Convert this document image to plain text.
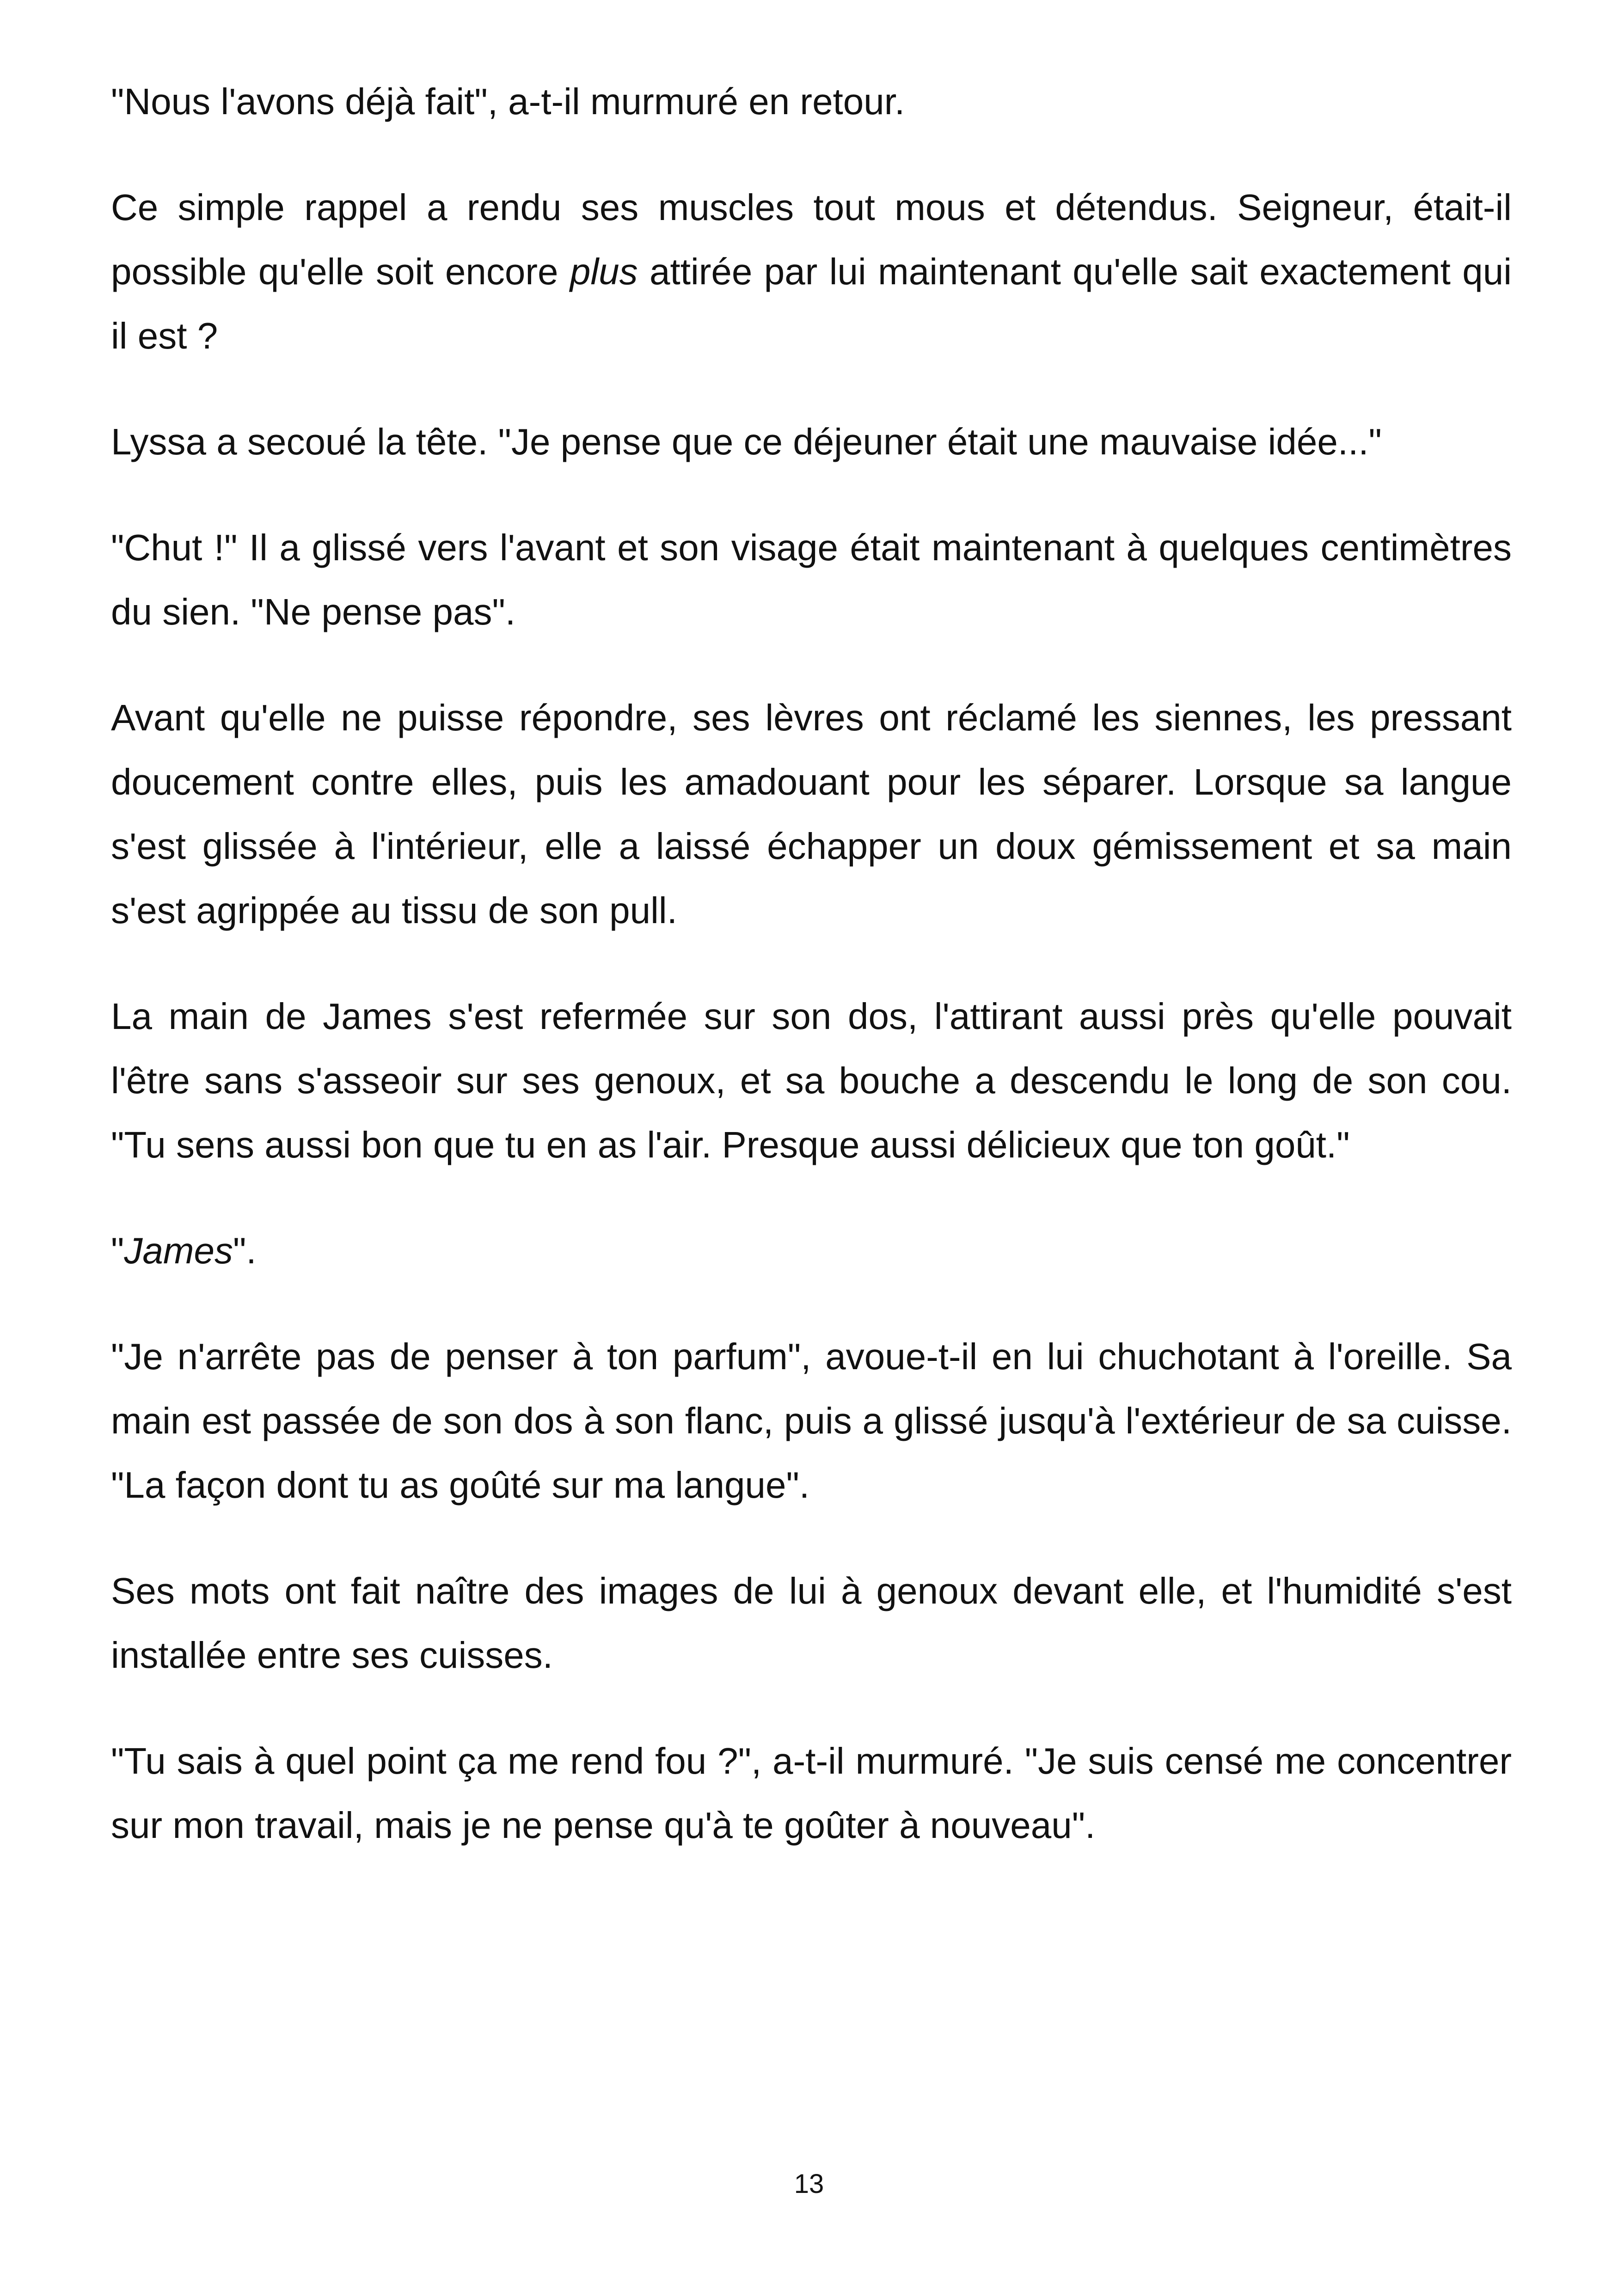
"Nous l'avons déjà fait", a-t-il murmuré en retour.

Ce simple rappel a rendu ses muscles tout mous et détendus. Seigneur, était-il possible qu'elle soit encore plus attirée par lui maintenant qu'elle sait exactement qui il est ?

Lyssa a secoué la tête. "Je pense que ce déjeuner était une mauvaise idée..."

"Chut !" Il a glissé vers l'avant et son visage était maintenant à quelques centimètres du sien. "Ne pense pas".

Avant qu'elle ne puisse répondre, ses lèvres ont réclamé les siennes, les pressant doucement contre elles, puis les amadouant pour les séparer. Lorsque sa langue s'est glissée à l'intérieur, elle a laissé échapper un doux gémissement et sa main s'est agrippée au tissu de son pull.

La main de James s'est refermée sur son dos, l'attirant aussi près qu'elle pouvait l'être sans s'asseoir sur ses genoux, et sa bouche a descendu le long de son cou. "Tu sens aussi bon que tu en as l'air. Presque aussi délicieux que ton goût."

"James".

"Je n'arrête pas de penser à ton parfum", avoue-t-il en lui chuchotant à l'oreille. Sa main est passée de son dos à son flanc, puis a glissé jusqu'à l'extérieur de sa cuisse. "La façon dont tu as goûté sur ma langue".

Ses mots ont fait naître des images de lui à genoux devant elle, et l'humidité s'est installée entre ses cuisses.

"Tu sais à quel point ça me rend fou ?", a-t-il murmuré. "Je suis censé me concentrer sur mon travail, mais je ne pense qu'à te goûter à nouveau".

13
